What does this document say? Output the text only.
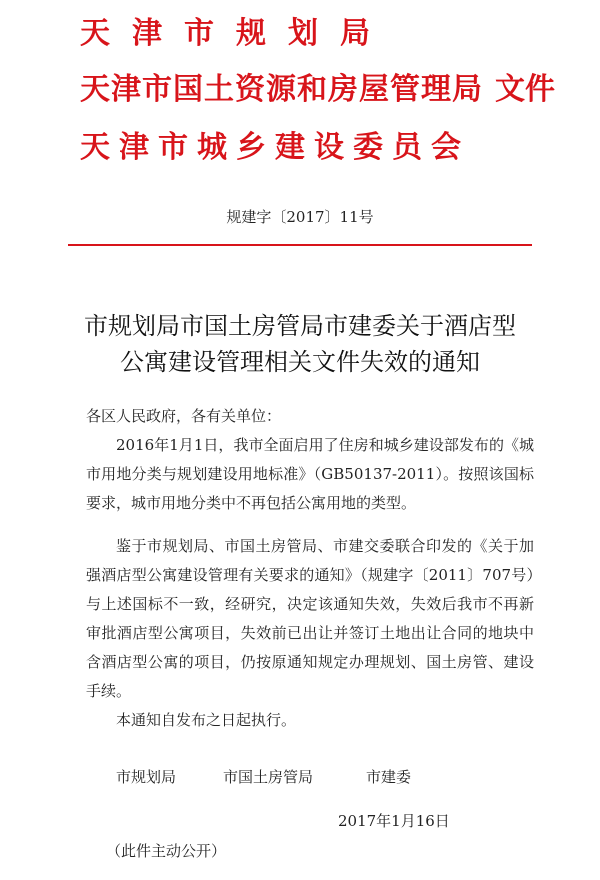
天津市规划局
天津市国土资源和房屋管理局 文件
天津市城乡建设委员会
规建字〔2017〕11号
市规划局市国土房管局市建委关于酒店型
公寓建设管理相关文件失效的通知
各区人民政府，各有关单位：
2016年1月1日，我市全面启用了住房和城乡建设部发布的《城市用地分类与规划建设用地标准》（GB50137-2011）。按照该国标要求，城市用地分类中不再包括公寓用地的类型。
鉴于市规划局、市国土房管局、市建交委联合印发的《关于加强酒店型公寓建设管理有关要求的通知》（规建字〔2011〕707号）与上述国标不一致，经研究，决定该通知失效，失效后我市不再新审批酒店型公寓项目，失效前已出让并签订土地出让合同的地块中含酒店型公寓的项目，仍按原通知规定办理规划、国土房管、建设手续。
本通知自发布之日起执行。
市规划局	市国土房管局	市建委
2017年1月16日
（此件主动公开）
